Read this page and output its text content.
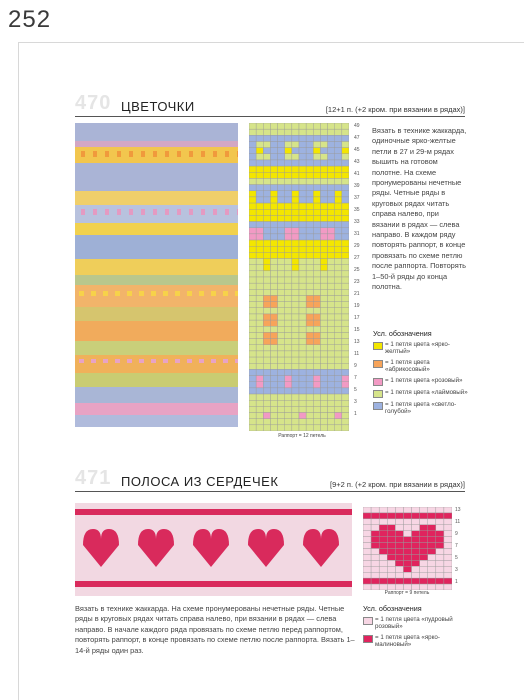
252
470 ЦВЕТОЧКИ	[12+1 п. (+2 кром. при вязании в рядах)]
49
47
45
43
41
39
37
35
33
31
29
27
25
23
21
19
17
15
13
11
9
7
5
3
1
Раппорт = 12 петель
Вязать в технике жаккарда, одиночные ярко-желтые петли в 27 и 29-м рядах вышить на готовом полотне. На схеме пронумерованы нечетные ряды. Четные ряды в круговых рядах читать справа налево, при вязании в рядах — слева направо. В каждом ряду повторять раппорт, в конце провязать по схеме петлю после раппорта. Повторять 1–50-й ряды до конца полотна.
Усл. обозначения
= 1 петля цвета «ярко-желтый»
= 1 петля цвета «абрикосовый»
= 1 петля цвета «розовый»
= 1 петля цвета «лаймовый»
= 1 петля цвета «светло-голубой»
471 ПОЛОСА ИЗ СЕРДЕЧЕК	[9+2 п. (+2 кром. при вязании в рядах)]
13
11
9
7
5
3
1
Раппорт = 9 петель
Вязать в технике жаккарда. На схеме пронумерованы нечетные ряды. Четные ряды в круговых рядах читать справа налево, при вязании в рядах — слева направо. В начале каждого ряда провязать по схеме петлю перед раппортом, повторять раппорт, в конце провязать по схеме петлю после раппорта. Вязать 1–14-й ряды один раз.
Усл. обозначения
= 1 петля цвета «пудровый розовый»
= 1 петля цвета «ярко-малиновый»
